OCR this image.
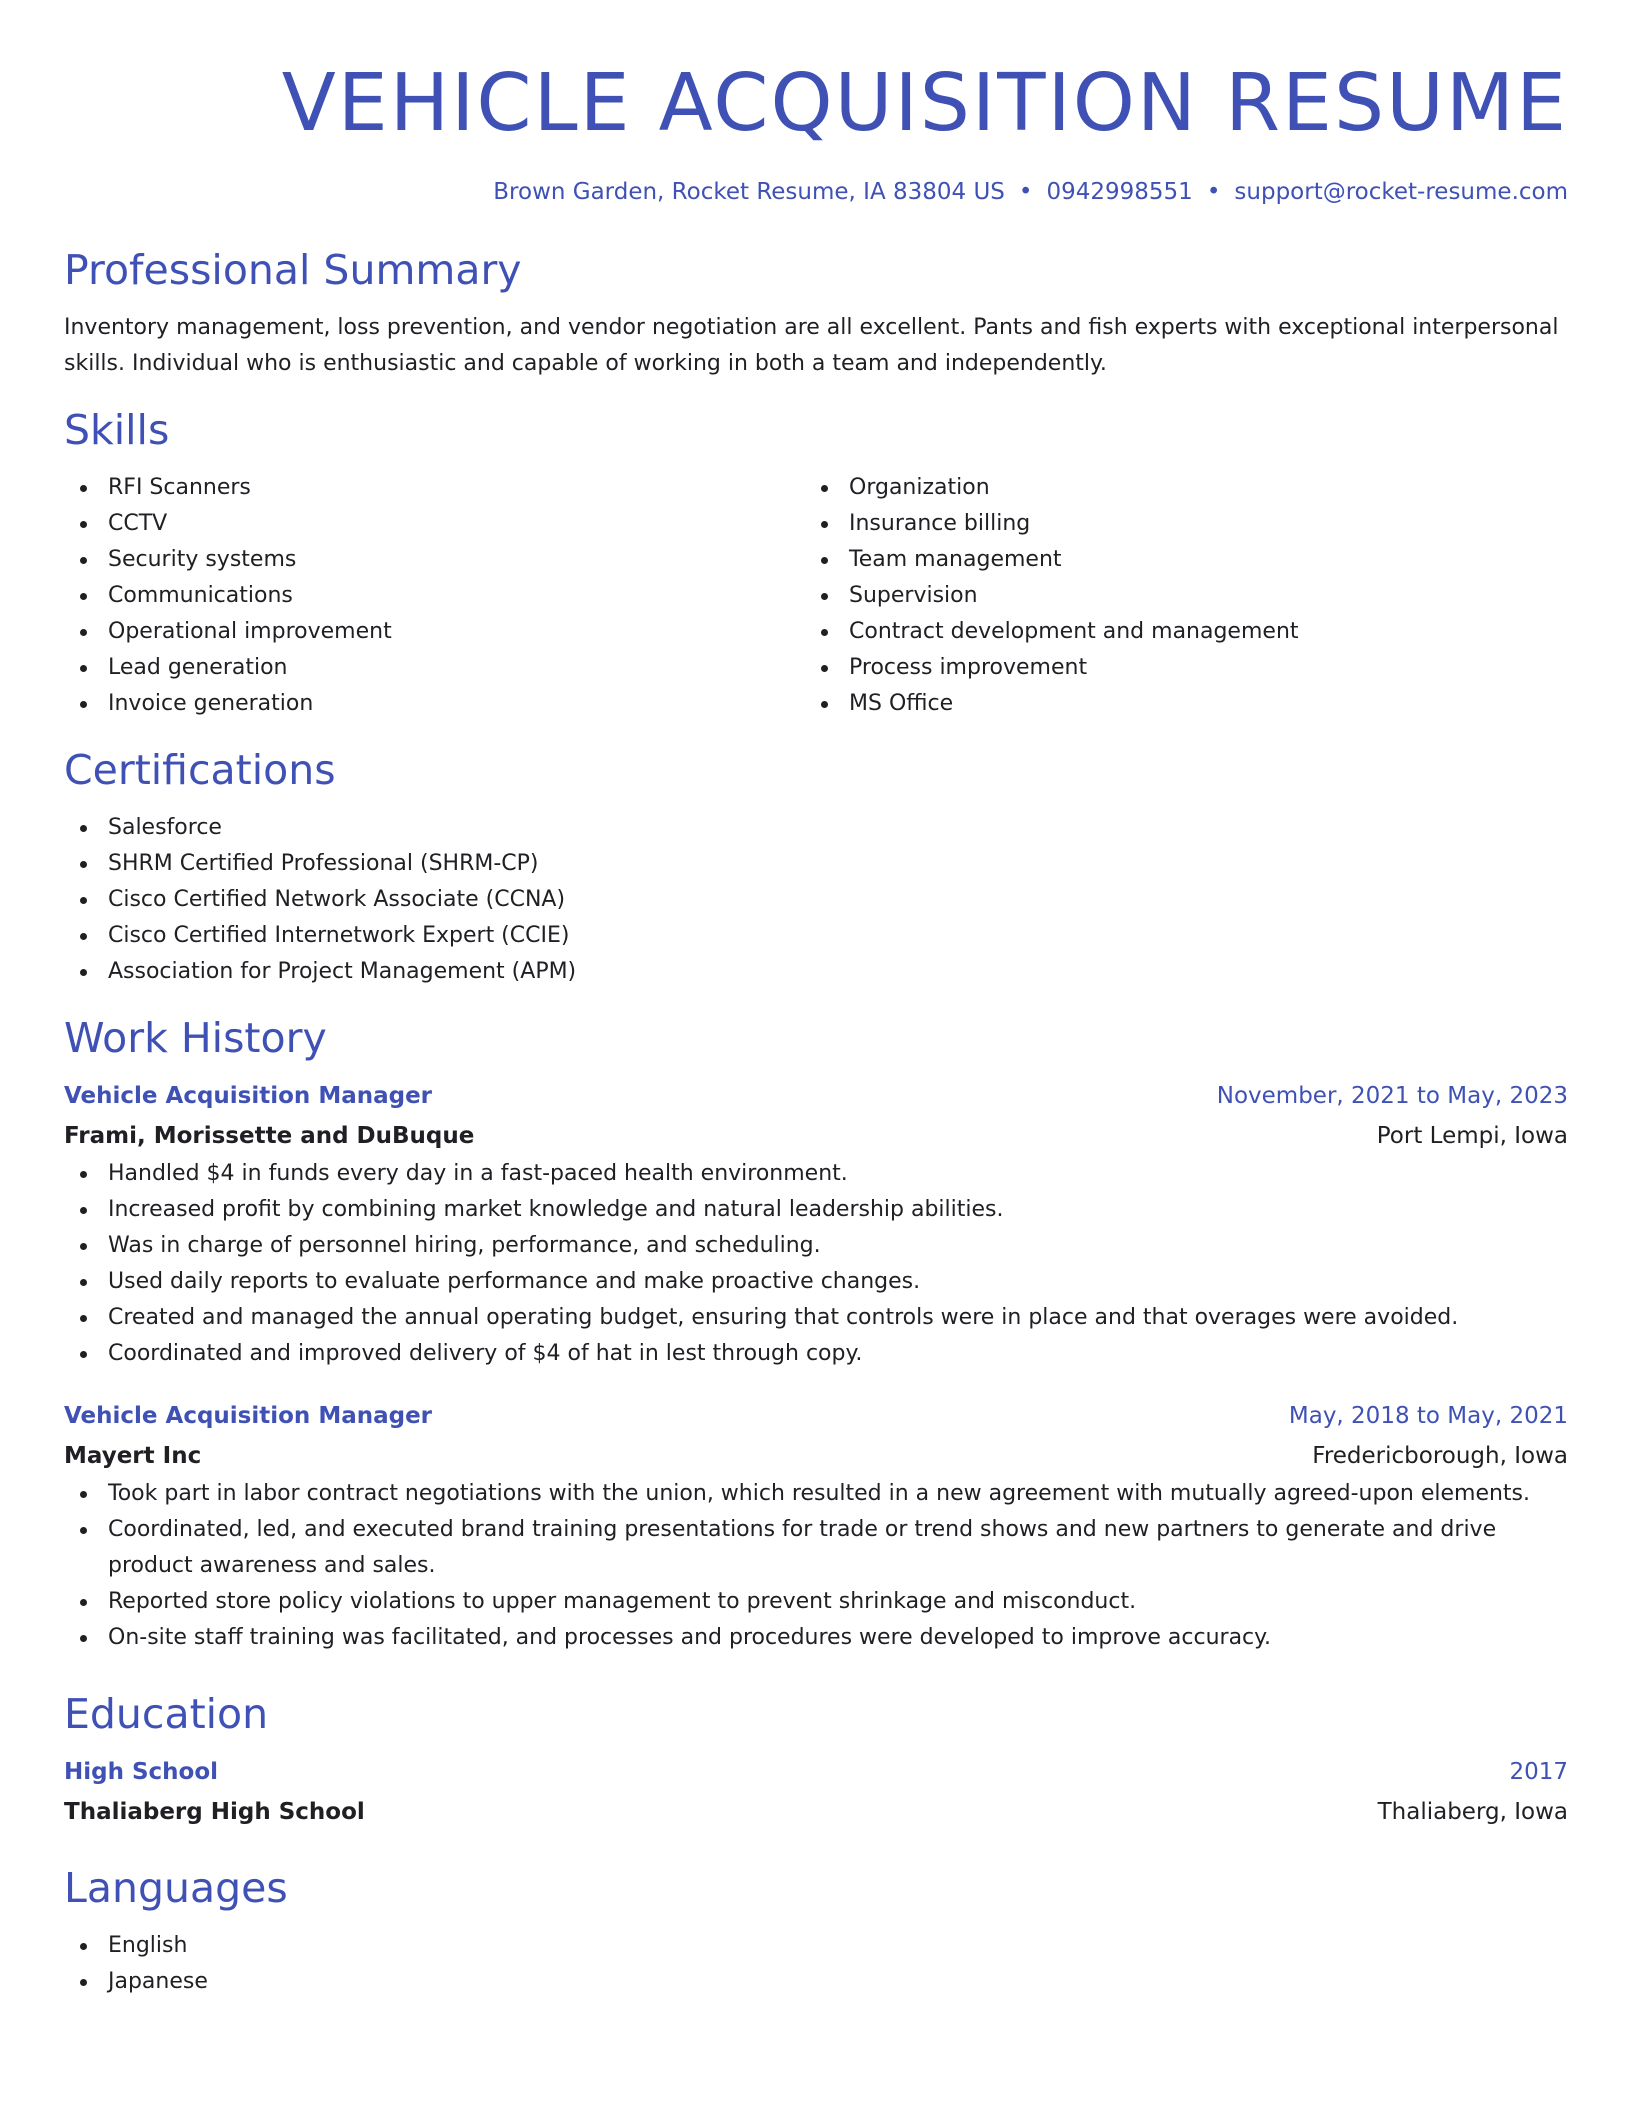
VEHICLE ACQUISITION RESUME
Brown Garden, Rocket Resume, IA 83804 US • 0942998551 • support@rocket-resume.com
Professional Summary
Inventory management, loss prevention, and vendor negotiation are all excellent. Pants and fish experts with exceptional interpersonal skills. Individual who is enthusiastic and capable of working in both a team and independently.
Skills
RFI Scanners
CCTV
Security systems
Communications
Operational improvement
Lead generation
Invoice generation
Organization
Insurance billing
Team management
Supervision
Contract development and management
Process improvement
MS Office
Certifications
Salesforce
SHRM Certified Professional (SHRM-CP)
Cisco Certified Network Associate (CCNA)
Cisco Certified Internetwork Expert (CCIE)
Association for Project Management (APM)
Work History
Vehicle Acquisition Manager	November, 2021 to May, 2023
Frami, Morissette and DuBuque	Port Lempi, Iowa
Handled $4 in funds every day in a fast-paced health environment.
Increased profit by combining market knowledge and natural leadership abilities.
Was in charge of personnel hiring, performance, and scheduling.
Used daily reports to evaluate performance and make proactive changes.
Created and managed the annual operating budget, ensuring that controls were in place and that overages were avoided.
Coordinated and improved delivery of $4 of hat in lest through copy.
Vehicle Acquisition Manager	May, 2018 to May, 2021
Mayert Inc	Fredericborough, Iowa
Took part in labor contract negotiations with the union, which resulted in a new agreement with mutually agreed-upon elements.
Coordinated, led, and executed brand training presentations for trade or trend shows and new partners to generate and drive product awareness and sales.
Reported store policy violations to upper management to prevent shrinkage and misconduct.
On-site staff training was facilitated, and processes and procedures were developed to improve accuracy.
Education
High School	2017
Thaliaberg High School	Thaliaberg, Iowa
Languages
English
Japanese
